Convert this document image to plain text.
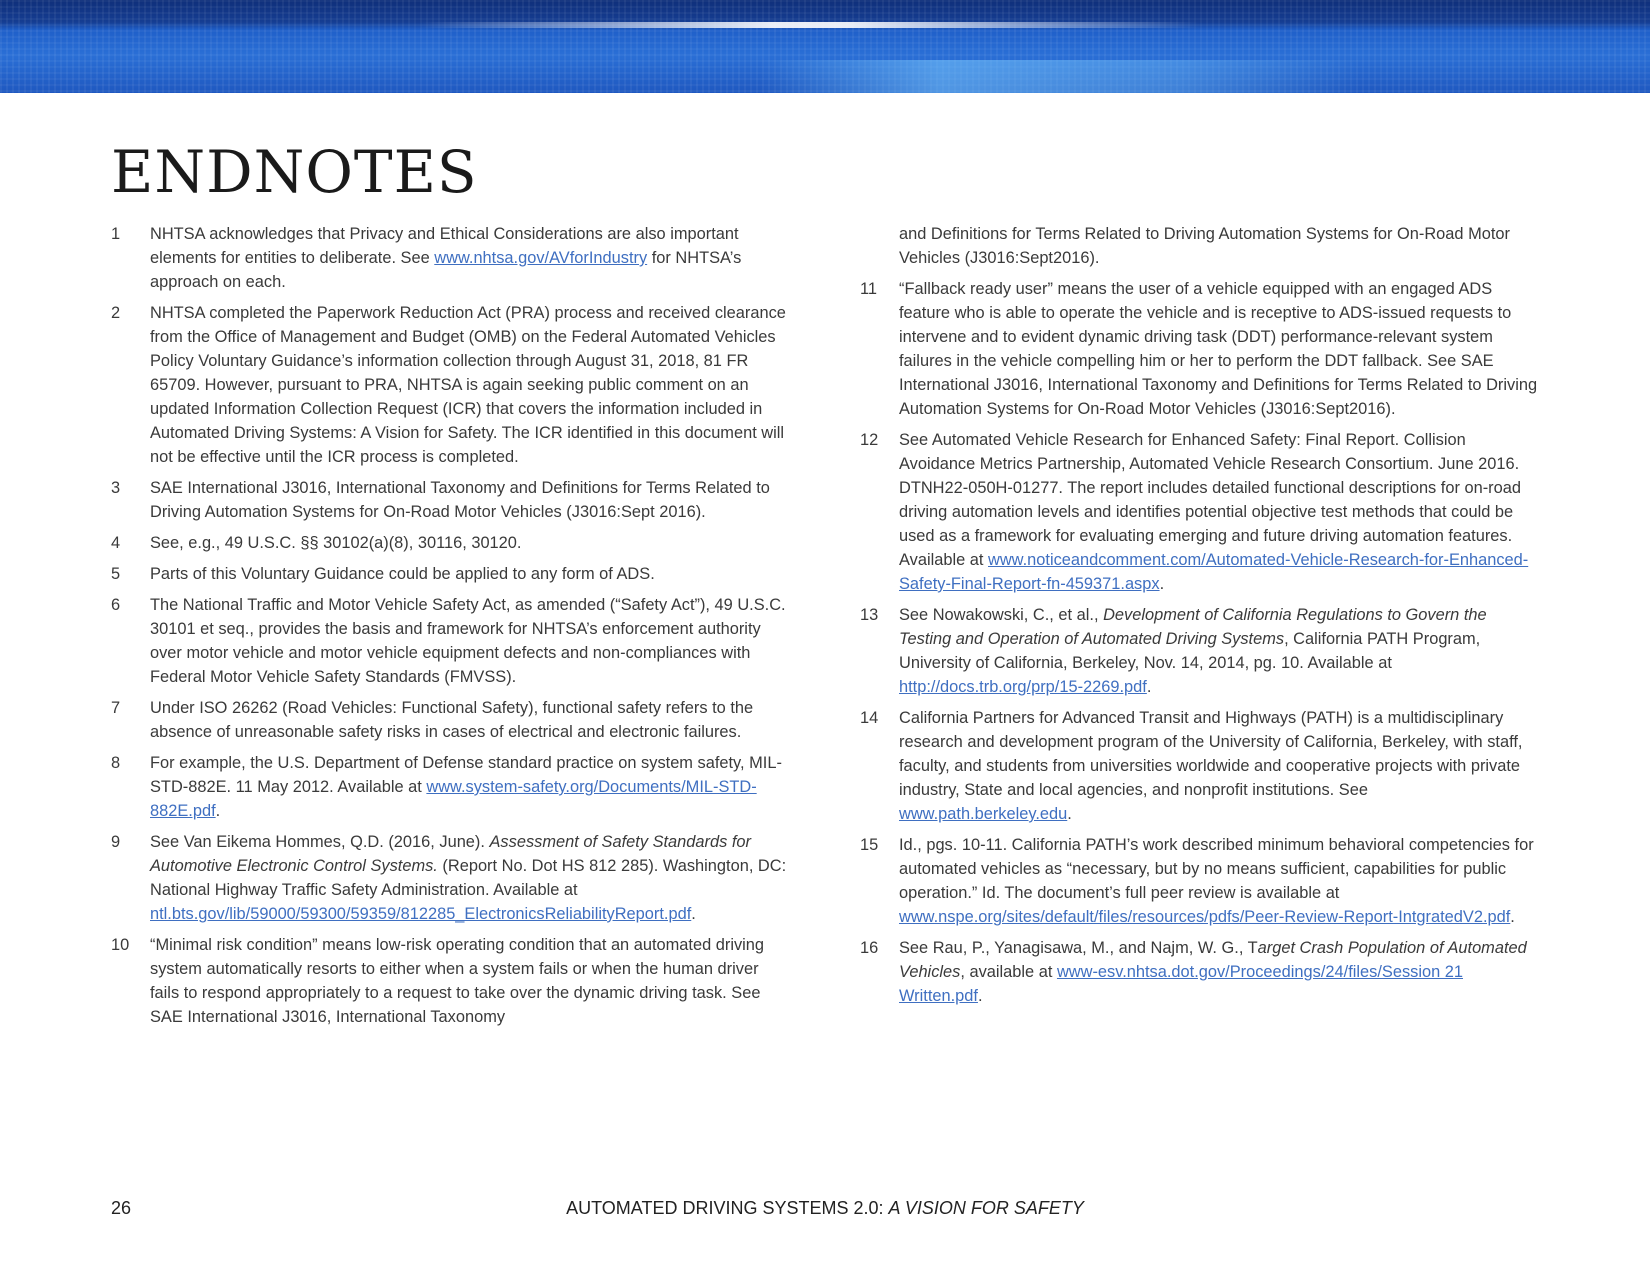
ENDNOTES
1	NHTSA acknowledges that Privacy and Ethical Considerations are also important elements for entities to deliberate. See www.nhtsa.gov/AVforIndustry for NHTSA’s approach on each.
2	NHTSA completed the Paperwork Reduction Act (PRA) process and received clearance from the Office of Management and Budget (OMB) on the Federal Automated Vehicles Policy Voluntary Guidance’s information collection through August 31, 2018, 81 FR 65709. However, pursuant to PRA, NHTSA is again seeking public comment on an updated Information Collection Request (ICR) that covers the information included in Automated Driving Systems: A Vision for Safety. The ICR identified in this document will not be effective until the ICR process is completed.
3	SAE International J3016, International Taxonomy and Definitions for Terms Related to Driving Automation Systems for On-Road Motor Vehicles (J3016:Sept 2016).
4	See, e.g., 49 U.S.C. §§ 30102(a)(8), 30116, 30120.
5	Parts of this Voluntary Guidance could be applied to any form of ADS.
6	The National Traffic and Motor Vehicle Safety Act, as amended (“Safety Act”), 49 U.S.C. 30101 et seq., provides the basis and framework for NHTSA’s enforcement authority over motor vehicle and motor vehicle equipment defects and non-compliances with Federal Motor Vehicle Safety Standards (FMVSS).
7	Under ISO 26262 (Road Vehicles: Functional Safety), functional safety refers to the absence of unreasonable safety risks in cases of electrical and electronic failures.
8	For example, the U.S. Department of Defense standard practice on system safety, MIL-STD-882E. 11 May 2012. Available at www.system-safety.org/Documents/MIL-STD-882E.pdf.
9	See Van Eikema Hommes, Q.D. (2016, June). Assessment of Safety Standards for Automotive Electronic Control Systems. (Report No. Dot HS 812 285). Washington, DC: National Highway Traffic Safety Administration. Available at ntl.bts.gov/lib/59000/59300/59359/812285_ElectronicsReliabilityReport.pdf.
10	“Minimal risk condition” means low-risk operating condition that an automated driving system automatically resorts to either when a system fails or when the human driver fails to respond appropriately to a request to take over the dynamic driving task. See SAE International J3016, International Taxonomy
and Definitions for Terms Related to Driving Automation Systems for On-Road Motor Vehicles (J3016:Sept2016).
11	“Fallback ready user” means the user of a vehicle equipped with an engaged ADS feature who is able to operate the vehicle and is receptive to ADS-issued requests to intervene and to evident dynamic driving task (DDT) performance-relevant system failures in the vehicle compelling him or her to perform the DDT fallback. See SAE International J3016, International Taxonomy and Definitions for Terms Related to Driving Automation Systems for On-Road Motor Vehicles (J3016:Sept2016).
12	See Automated Vehicle Research for Enhanced Safety: Final Report. Collision Avoidance Metrics Partnership, Automated Vehicle Research Consortium. June 2016. DTNH22-050H-01277. The report includes detailed functional descriptions for on-road driving automation levels and identifies potential objective test methods that could be used as a framework for evaluating emerging and future driving automation features. Available at www.noticeandcomment.com/Automated-Vehicle-Research-for-Enhanced-Safety-Final-Report-fn-459371.aspx.
13	See Nowakowski, C., et al., Development of California Regulations to Govern the Testing and Operation of Automated Driving Systems, California PATH Program, University of California, Berkeley, Nov. 14, 2014, pg. 10. Available at http://docs.trb.org/prp/15-2269.pdf.
14	California Partners for Advanced Transit and Highways (PATH) is a multidisciplinary research and development program of the University of California, Berkeley, with staff, faculty, and students from universities worldwide and cooperative projects with private industry, State and local agencies, and nonprofit institutions. See www.path.berkeley.edu.
15	Id., pgs. 10-11. California PATH’s work described minimum behavioral competencies for automated vehicles as “necessary, but by no means sufficient, capabilities for public operation.” Id. The document’s full peer review is available at www.nspe.org/sites/default/files/resources/pdfs/Peer-Review-Report-IntgratedV2.pdf.
16	See Rau, P., Yanagisawa, M., and Najm, W. G., Target Crash Population of Automated Vehicles, available at www-esv.nhtsa.dot.gov/Proceedings/24/files/Session 21 Written.pdf.
26	AUTOMATED DRIVING SYSTEMS 2.0: A VISION FOR SAFETY
